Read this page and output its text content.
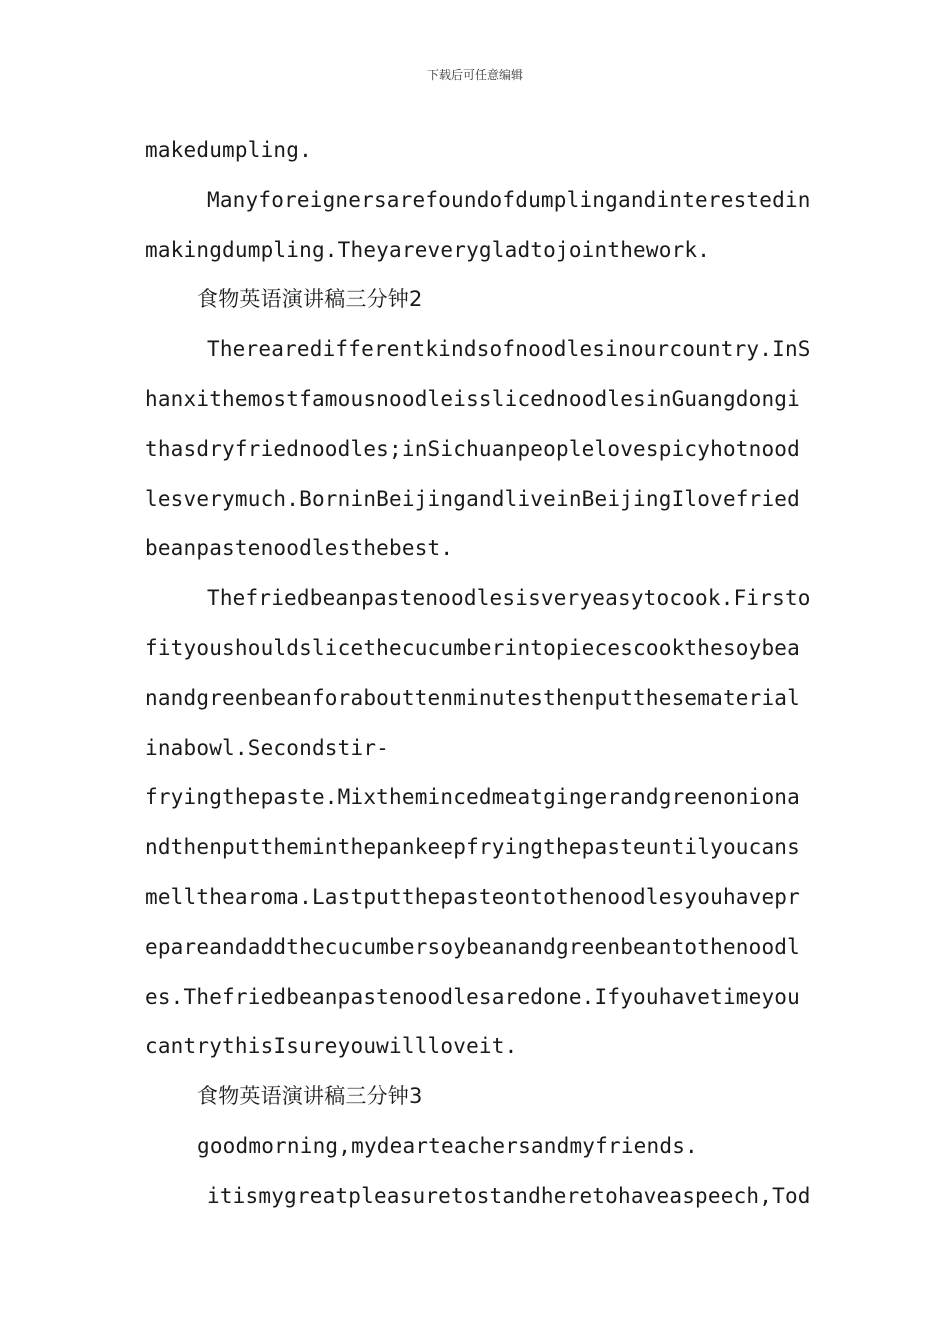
下载后可任意编辑
makedumpling.
Manyforeignersarefoundofdumplingandinterestedin
makingdumpling.Theyareverygladtojointhework.
食物英语演讲稿三分钟2
Therearedifferentkindsofnoodlesinourcountry.InS
hanxithemostfamousnoodleisslicednoodlesinGuangdongi
thasdryfriednoodles;inSichuanpeoplelovespicyhotnood
lesverymuch.BorninBeijingandliveinBeijingIlovefried
beanpastenoodlesthebest.
Thefriedbeanpastenoodlesisveryeasytocook.Firsto
fityoushouldslicethecucumberintopiecescookthesoybea
nandgreenbeanforabouttenminutesthenputthesematerial
inabowl.Secondstir-
fryingthepaste.Mixthemincedmeatgingerandgreenoniona
ndthenputtheminthepankeepfryingthepasteuntilyoucans
mellthearoma.Lastputthepasteontothenoodlesyouhavepr
epareandaddthecucumbersoybeanandgreenbeantothenoodl
es.Thefriedbeanpastenoodlesaredone.Ifyouhavetimeyou
cantrythisIsureyouwillloveit.
食物英语演讲稿三分钟3
goodmorning,mydearteachersandmyfriends.
itismygreatpleasuretostandheretohaveaspeech,Tod
